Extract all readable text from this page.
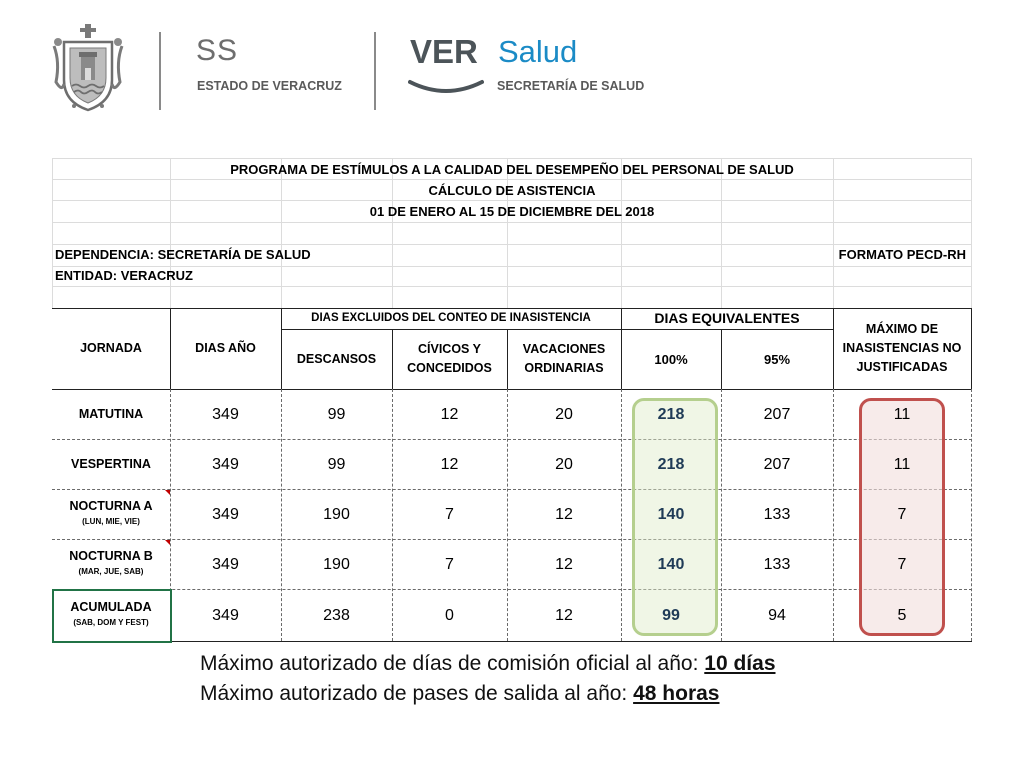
SS
ESTADO DE VERACRUZ
VER Salud
SECRETARÍA DE SALUD
PROGRAMA DE ESTÍMULOS A LA CALIDAD DEL DESEMPEÑO DEL PERSONAL DE SALUD
CÁLCULO DE ASISTENCIA
01 DE ENERO AL 15 DE DICIEMBRE DEL 2018
DEPENDENCIA: SECRETARÍA DE SALUD	FORMATO PECD-RH
ENTIDAD: VERACRUZ
JORNADA	DIAS AÑO
DIAS EXCLUIDOS DEL CONTEO DE INASISTENCIA
DESCANSOS
CÍVICOS Y CONCEDIDOS
VACACIONES ORDINARIAS
DIAS EQUIVALENTES
100%	95%
MÁXIMO DE INASISTENCIAS NO JUSTIFICADAS
MATUTINA	349	99	12	20	218	207	11
VESPERTINA	349	99	12	20	218	207	11
NOCTURNA A
(LUN, MIE, VIE)	349	190	7	12	140	133	7
NOCTURNA B
(MAR, JUE, SAB)	349	190	7	12	140	133	7
ACUMULADA
(SAB, DOM Y FEST)	349	238	0	12	99	94	5
Máximo autorizado de días de comisión oficial al año: 10 días
Máximo autorizado de pases de salida al año: 48 horas
